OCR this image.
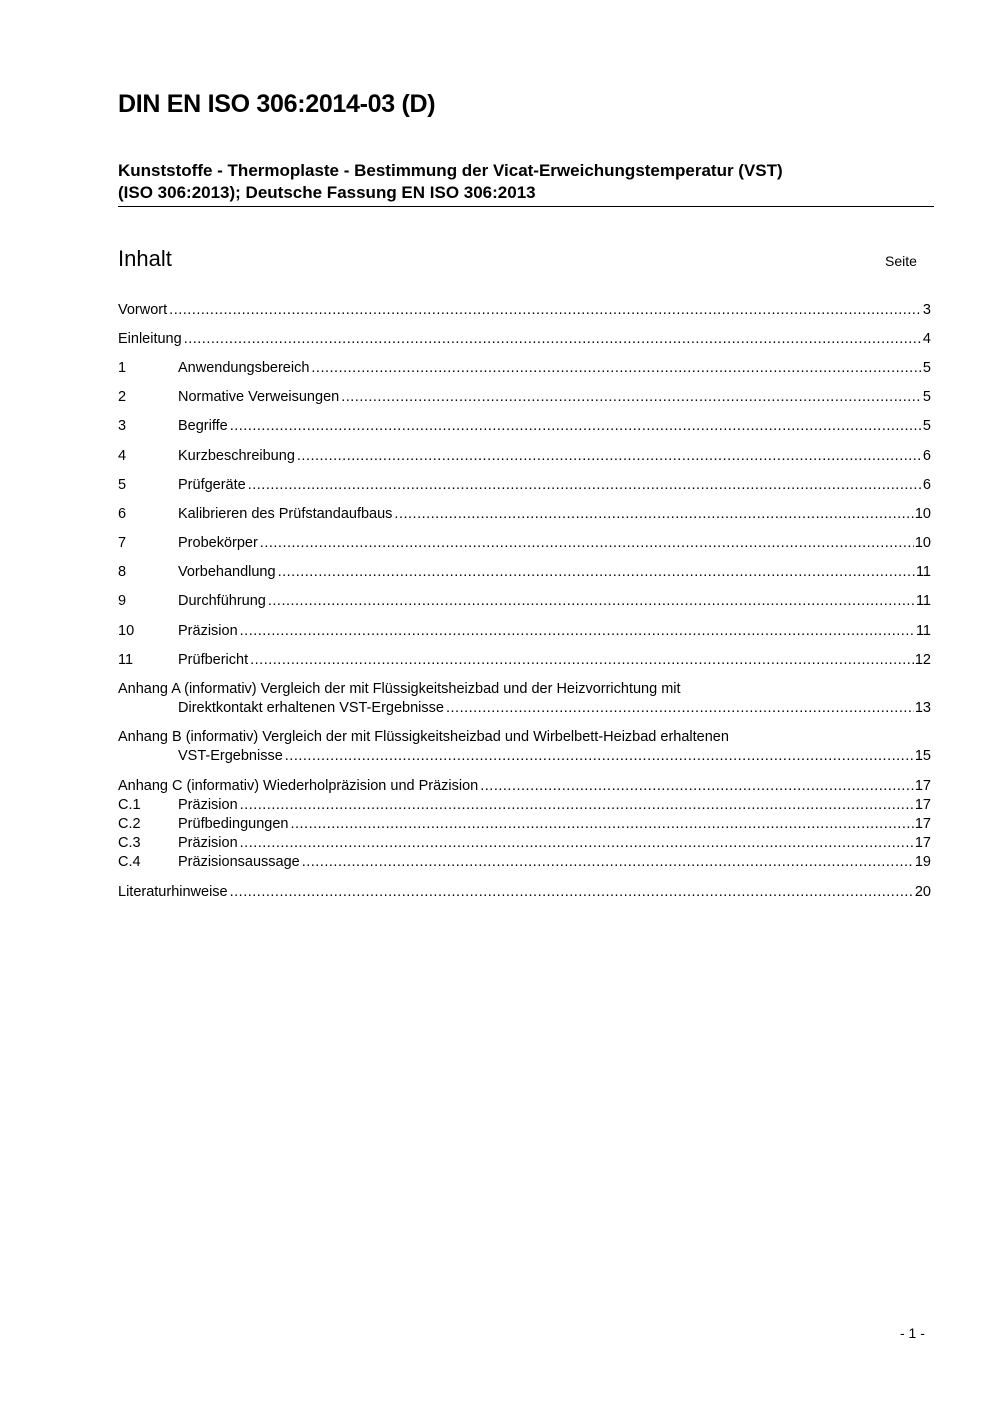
DIN EN ISO 306:2014-03 (D)
Kunststoffe - Thermoplaste - Bestimmung der Vicat-Erweichungstemperatur (VST)
(ISO 306:2013); Deutsche Fassung EN ISO 306:2013
Inhalt	Seite
Vorwort .....	3
Einleitung .....	4
1	Anwendungsbereich .....	5
2	Normative Verweisungen .....	5
3	Begriffe .....	5
4	Kurzbeschreibung .....	6
5	Prüfgeräte .....	6
6	Kalibrieren des Prüfstandaufbaus .....	10
7	Probekörper .....	10
8	Vorbehandlung .....	11
9	Durchführung .....	11
10	Präzision .....	11
11	Prüfbericht .....	12
Anhang A (informativ) Vergleich der mit Flüssigkeitsheizbad und der Heizvorrichtung mit
Direktkontakt erhaltenen VST-Ergebnisse .....	13
Anhang B (informativ) Vergleich der mit Flüssigkeitsheizbad und Wirbelbett-Heizbad erhaltenen
VST-Ergebnisse .....	15
Anhang C (informativ) Wiederholpräzision und Präzision .....	17
C.1	Präzision .....	17
C.2	Prüfbedingungen .....	17
C.3	Präzision .....	17
C.4	Präzisionsaussage .....	19
Literaturhinweise .....	20
- 1 -
